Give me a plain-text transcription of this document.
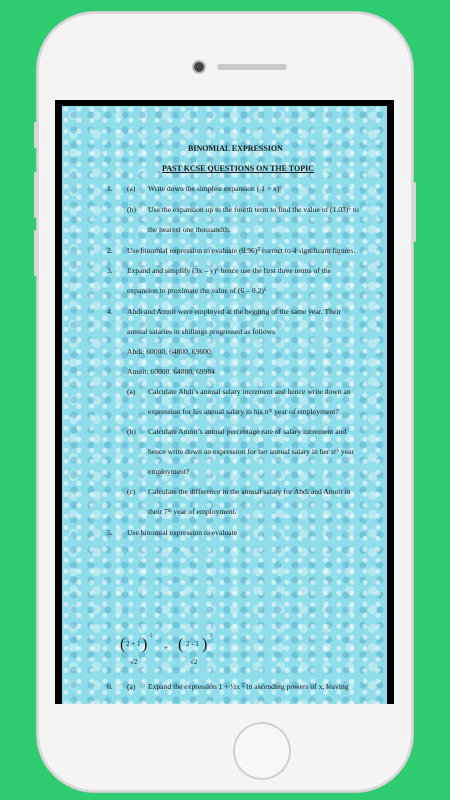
BINOMIAL EXPRESSION
PAST KCSE QUESTIONS ON THE TOPIC
1. (a) Write down the simplest expansion ( 1 + x)⁶
(b) Use the expansion up to the fourth term to find the value of (1.03)⁶ to
the nearest one thousandth.
2. Use binomial expression to evaluate (0.96)⁵ correct to 4 significant figures.
3. Expand and simplify (3x – y)⁶ hence use the first three terms of the
expansion to proximate the value of (6 – 0.2)⁶
4. Abdi and Amoit were employed at the begging of the same year. Their
annual salaries in shillings progressed as follows
Abdi: 60000, 64800, 69600
Amoit: 60000, 64800, 69984
(a) Calculate Abdi’s annual salary increment and hence write down an
expression for his annual salary in his nᵗʰ year of employment?
(b) Calculate Amoit’s annual percentage rate of salary increment and
hence write down an expression for her annual salary in her nᵗʰ year
employment?
(c) Calculate the difference in the annual salary for Abdi and Amoit in
their 7ᵗʰ year of employment.
5. Use binomial expression to evaluate
( 2 + 1 ) 5
√2
+ ( 2 - 1 ) 5
√2
6. (a) Expand the expression 1 + ½x ⁵ in ascending powers of x, leaving
